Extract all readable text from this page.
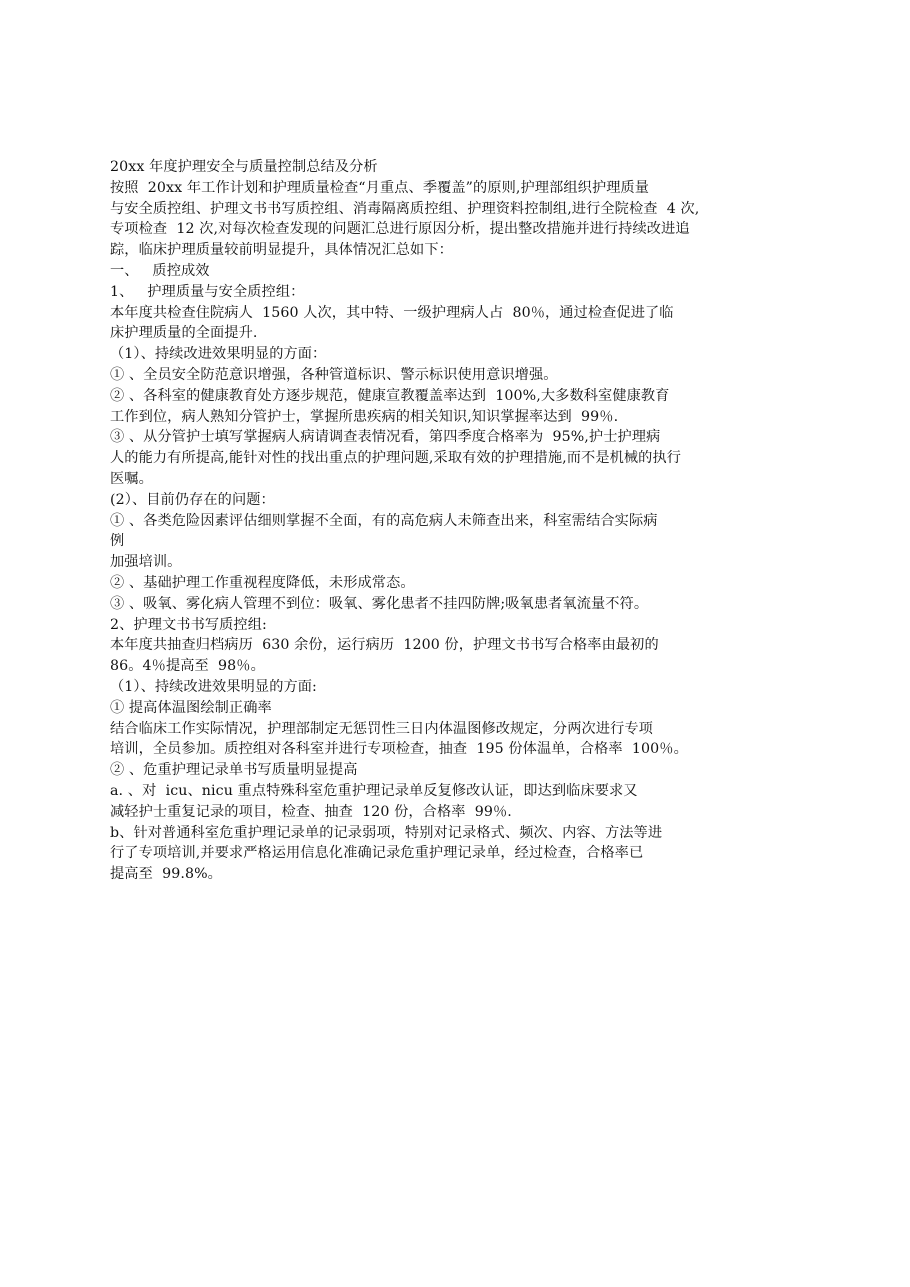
20xx 年度护理安全与质量控制总结及分析
按照  20xx 年工作计划和护理质量检查“月重点、季覆盖”的原则,护理部组织护理质量
与安全质控组、护理文书书写质控组、消毒隔离质控组、护理资料控制组,进行全院检查  4 次,
专项检查  12 次,对每次检查发现的问题汇总进行原因分析，提出整改措施并进行持续改进追
踪，临床护理质量较前明显提升，具体情况汇总如下：
一、   质控成效
1、   护理质量与安全质控组：
本年度共检查住院病人  1560 人次，其中特、一级护理病人占  80％，通过检查促进了临
床护理质量的全面提升.
（1）、持续改进效果明显的方面：
① 、全员安全防范意识增强，各种管道标识、警示标识使用意识增强。
② 、各科室的健康教育处方逐步规范，健康宣教覆盖率达到  100%,大多数科室健康教育
工作到位，病人熟知分管护士，掌握所患疾病的相关知识,知识掌握率达到  99％.
③ 、从分管护士填写掌握病人病请调查表情况看，第四季度合格率为  95%,护士护理病
人的能力有所提高,能针对性的找出重点的护理问题,采取有效的护理措施,而不是机械的执行
医嘱。
(2）、目前仍存在的问题：
① 、各类危险因素评估细则掌握不全面，有的高危病人未筛查出来，科室需结合实际病
例
加强培训。
② 、基础护理工作重视程度降低，未形成常态。
③ 、吸氧、雾化病人管理不到位：吸氧、雾化患者不挂四防牌;吸氧患者氧流量不符。
2、护理文书书写质控组:
本年度共抽查归档病历  630 余份，运行病历  1200 份，护理文书书写合格率由最初的
86。4％提高至  98％。
（1）、持续改进效果明显的方面:
① 提高体温图绘制正确率
结合临床工作实际情况，护理部制定无惩罚性三日内体温图修改规定，分两次进行专项
培训，全员参加。质控组对各科室并进行专项检查，抽查  195 份体温单，合格率  100％。
② 、危重护理记录单书写质量明显提高
a. 、对  icu、nicu 重点特殊科室危重护理记录单反复修改认证，即达到临床要求又
减轻护士重复记录的项目，检查、抽查  120 份，合格率  99％.
b、针对普通科室危重护理记录单的记录弱项，特别对记录格式、频次、内容、方法等进
行了专项培训,并要求严格运用信息化准确记录危重护理记录单，经过检查，合格率已
提高至  99.8%。
